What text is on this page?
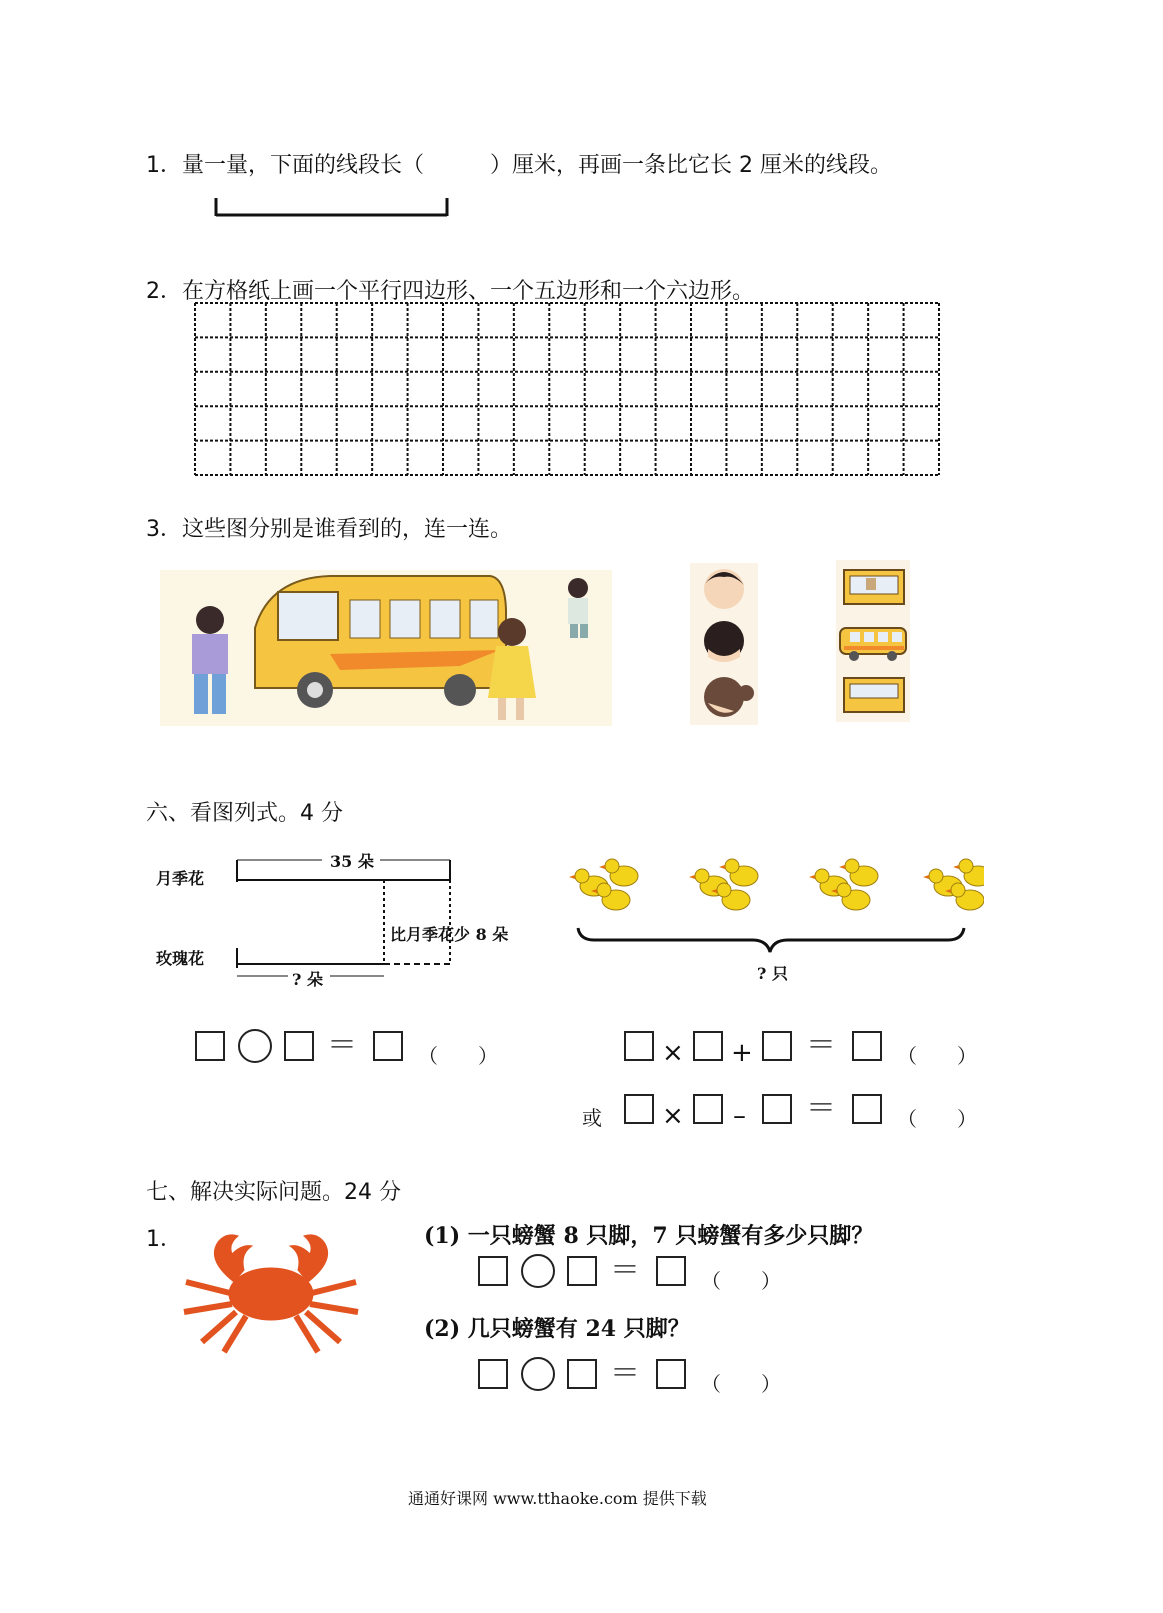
1．量一量，下面的线段长（　　　）厘米，再画一条比它长 2 厘米的线段。
2．在方格纸上画一个平行四边形、一个五边形和一个六边形。
3．这些图分别是谁看到的，连一连。
六、看图列式。4 分
月季花
玫瑰花
35 朵
比月季花少 8 朵
? 朵	? 只
＝	（　　）	× + ＝	（　　）
或 × – ＝	（　　）
七、解决实际问题。24 分
1．	(1) 一只螃蟹 8 只脚，7 只螃蟹有多少只脚？
＝	（　　）
(2) 几只螃蟹有 24 只脚？
＝	（　　）
通通好课网 www.tthaoke.com 提供下载
